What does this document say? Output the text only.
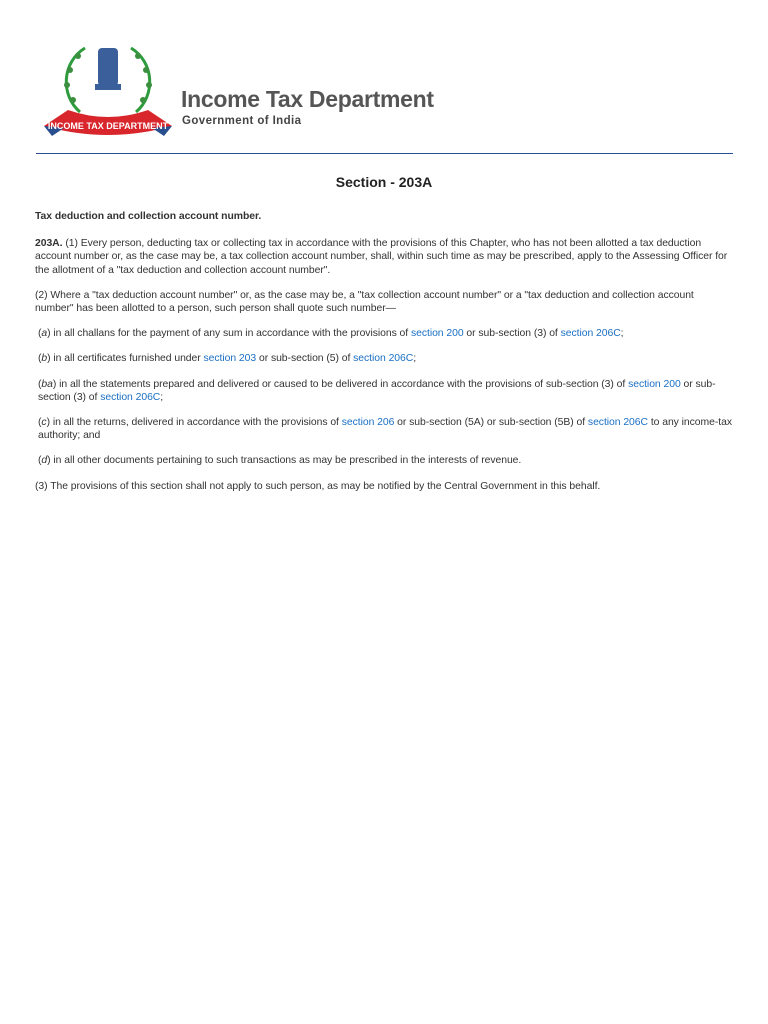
INCOME TAX DEPARTMENT
Income Tax Department
Government of India
Section - 203A

Tax deduction and collection account number.

203A. (1) Every person, deducting tax or collecting tax in accordance with the provisions of this Chapter, who has not been allotted a tax deduction account number or, as the case may be, a tax collection account number, shall, within such time as may be prescribed, apply to the Assessing Officer for the allotment of a "tax deduction and collection account number".

(2) Where a "tax deduction account number" or, as the case may be, a "tax collection account number" or a "tax deduction and collection account number" has been allotted to a person, such person shall quote such number—

(a) in all challans for the payment of any sum in accordance with the provisions of section 200 or sub-section (3) of section 206C;

(b) in all certificates furnished under section 203 or sub-section (5) of section 206C;

(ba) in all the statements prepared and delivered or caused to be delivered in accordance with the provisions of sub-section (3) of section 200 or sub-section (3) of section 206C;

(c) in all the returns, delivered in accordance with the provisions of section 206 or sub-section (5A) or sub-section (5B) of section 206C to any income-tax authority; and

(d) in all other documents pertaining to such transactions as may be prescribed in the interests of revenue.

(3) The provisions of this section shall not apply to such person, as may be notified by the Central Government in this behalf.
